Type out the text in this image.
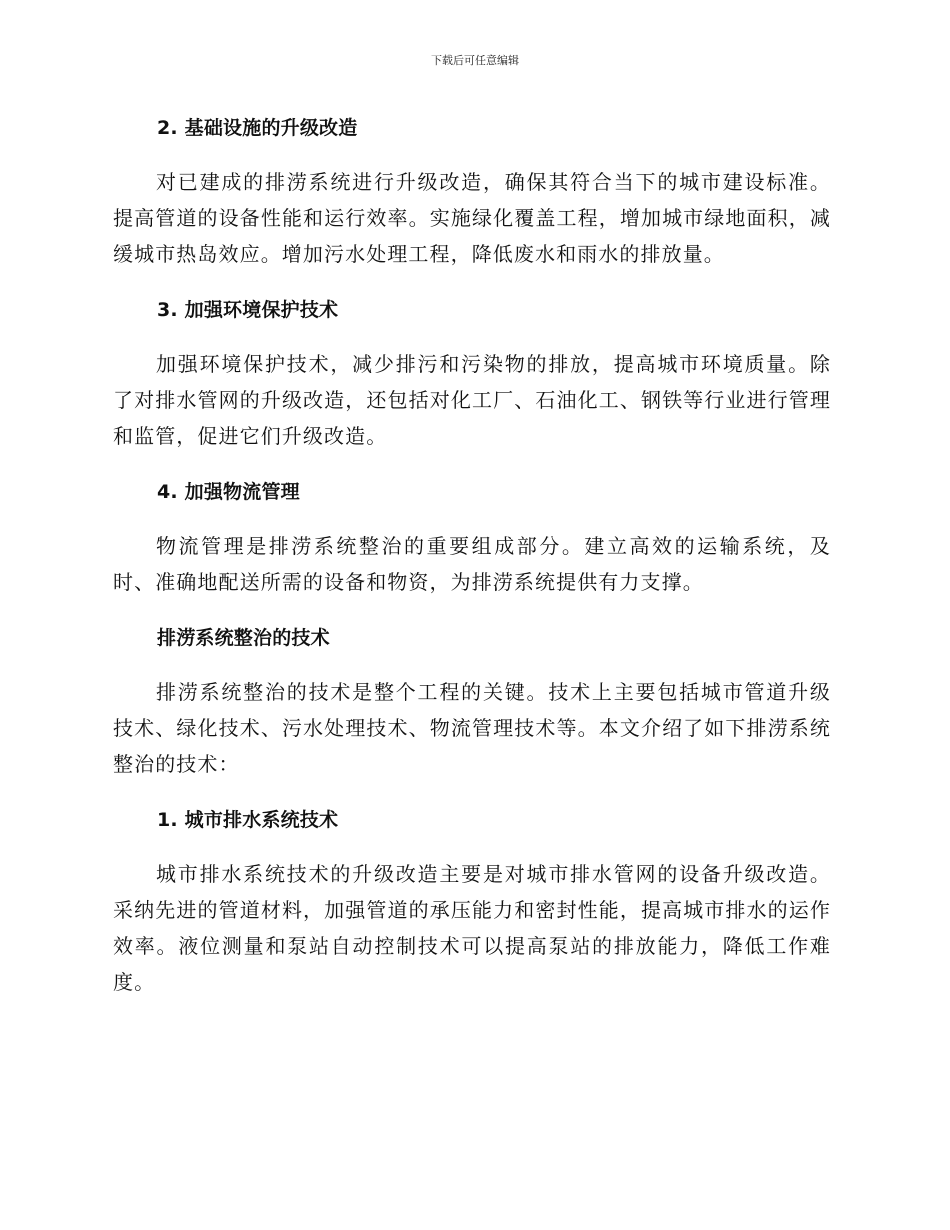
下载后可任意编辑
2. 基础设施的升级改造

对已建成的排涝系统进行升级改造，确保其符合当下的城市建设标准。提高管道的设备性能和运行效率。实施绿化覆盖工程，增加城市绿地面积，减缓城市热岛效应。增加污水处理工程，降低废水和雨水的排放量。

3. 加强环境保护技术

加强环境保护技术，减少排污和污染物的排放，提高城市环境质量。除了对排水管网的升级改造，还包括对化工厂、石油化工、钢铁等行业进行管理和监管，促进它们升级改造。

4. 加强物流管理

物流管理是排涝系统整治的重要组成部分。建立高效的运输系统，及时、准确地配送所需的设备和物资，为排涝系统提供有力支撑。

排涝系统整治的技术

排涝系统整治的技术是整个工程的关键。技术上主要包括城市管道升级技术、绿化技术、污水处理技术、物流管理技术等。本文介绍了如下排涝系统整治的技术：

1. 城市排水系统技术

城市排水系统技术的升级改造主要是对城市排水管网的设备升级改造。采纳先进的管道材料，加强管道的承压能力和密封性能，提高城市排水的运作效率。液位测量和泵站自动控制技术可以提高泵站的排放能力，降低工作难度。
